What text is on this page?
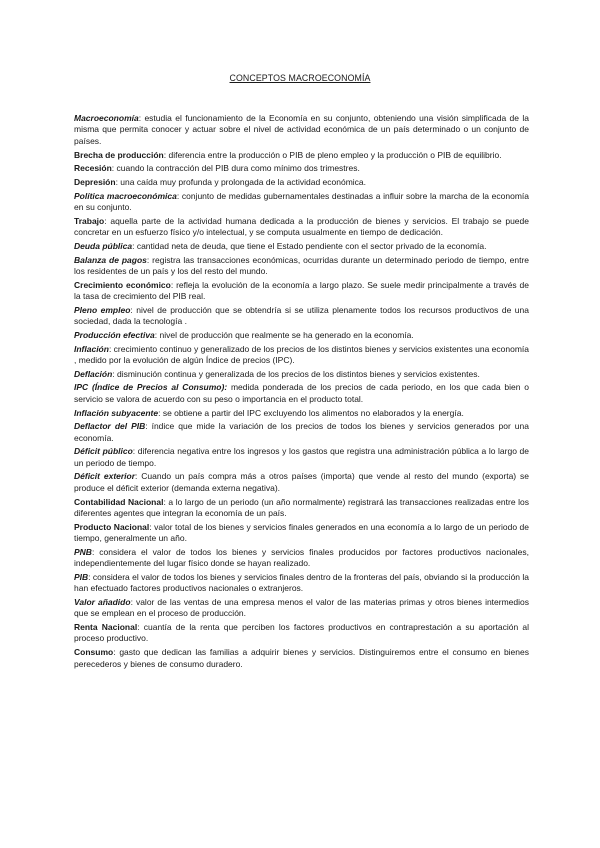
CONCEPTOS MACROECONOMÍA

Macroeconomía: estudia el funcionamiento de la Economía en su conjunto, obteniendo una visión simplificada de la misma que permita conocer y actuar sobre el nivel de actividad económica de un país determinado o un conjunto de países.

Brecha de producción: diferencia entre la producción o PIB de pleno empleo y la producción o PIB de equilibrio.

Recesión: cuando la contracción del PIB dura como mínimo dos trimestres.

Depresión: una caída muy profunda y prolongada de la actividad económica.

Política macroeconómica: conjunto de medidas gubernamentales destinadas a influir sobre la marcha de la economía en su conjunto.

Trabajo: aquella parte de la actividad humana dedicada a la producción de bienes y servicios. El trabajo se puede concretar en un esfuerzo físico y/o intelectual, y se computa usualmente en tiempo de dedicación.

Deuda pública: cantidad neta de deuda, que tiene el Estado pendiente con el sector privado de la economía.

Balanza de pagos: registra las transacciones económicas, ocurridas durante un determinado periodo de tiempo, entre los residentes de un país y los del resto del mundo.

Crecimiento económico: refleja la evolución de la economía a largo plazo. Se suele medir principalmente a través de la tasa de crecimiento del PIB real.

Pleno empleo: nivel de producción que se obtendría si se utiliza plenamente todos los recursos productivos de una sociedad, dada la tecnología .

Producción efectiva: nivel de producción que realmente se ha generado en la economía.

Inflación: crecimiento continuo y generalizado de los precios de los distintos bienes y servicios existentes una economía , medido por la evolución de algún Índice de precios (IPC).

Deflación: disminución continua y generalizada de los precios de los distintos bienes y servicios existentes.

IPC (Índice de Precios al Consumo): medida ponderada de los precios de cada periodo, en los que cada bien o servicio se valora de acuerdo con su peso o importancia en el producto total.

Inflación subyacente: se obtiene a partir del IPC excluyendo los alimentos no elaborados y la energía.

Deflactor del PIB: índice que mide la variación de los precios de todos los bienes y servicios generados por una economía.

Déficit público: diferencia negativa entre los ingresos y los gastos que registra una administración pública a lo largo de un periodo de tiempo.

Déficit exterior: Cuando un país compra más a otros países (importa) que vende al resto del mundo (exporta) se produce el déficit exterior (demanda externa negativa).

Contabilidad Nacional: a lo largo de un periodo (un año normalmente) registrará las transacciones realizadas entre los diferentes agentes que integran la economía de un país.

Producto Nacional: valor total de los bienes y servicios finales generados en una economía a lo largo de un periodo de tiempo, generalmente un año.

PNB: considera el valor de todos los bienes y servicios finales producidos por factores productivos nacionales, independientemente del lugar físico donde se hayan realizado.

PIB: considera el valor de todos los bienes y servicios finales dentro de la fronteras del país, obviando si la producción la han efectuado factores productivos nacionales o extranjeros.

Valor añadido: valor de las ventas de una empresa menos el valor de las materias primas y otros bienes intermedios que se emplean en el proceso de producción.

Renta Nacional: cuantía de la renta que perciben los factores productivos en contraprestación a su aportación al proceso productivo.

Consumo: gasto que dedican las familias a adquirir bienes y servicios. Distinguiremos entre el consumo en bienes perecederos y bienes de consumo duradero.
